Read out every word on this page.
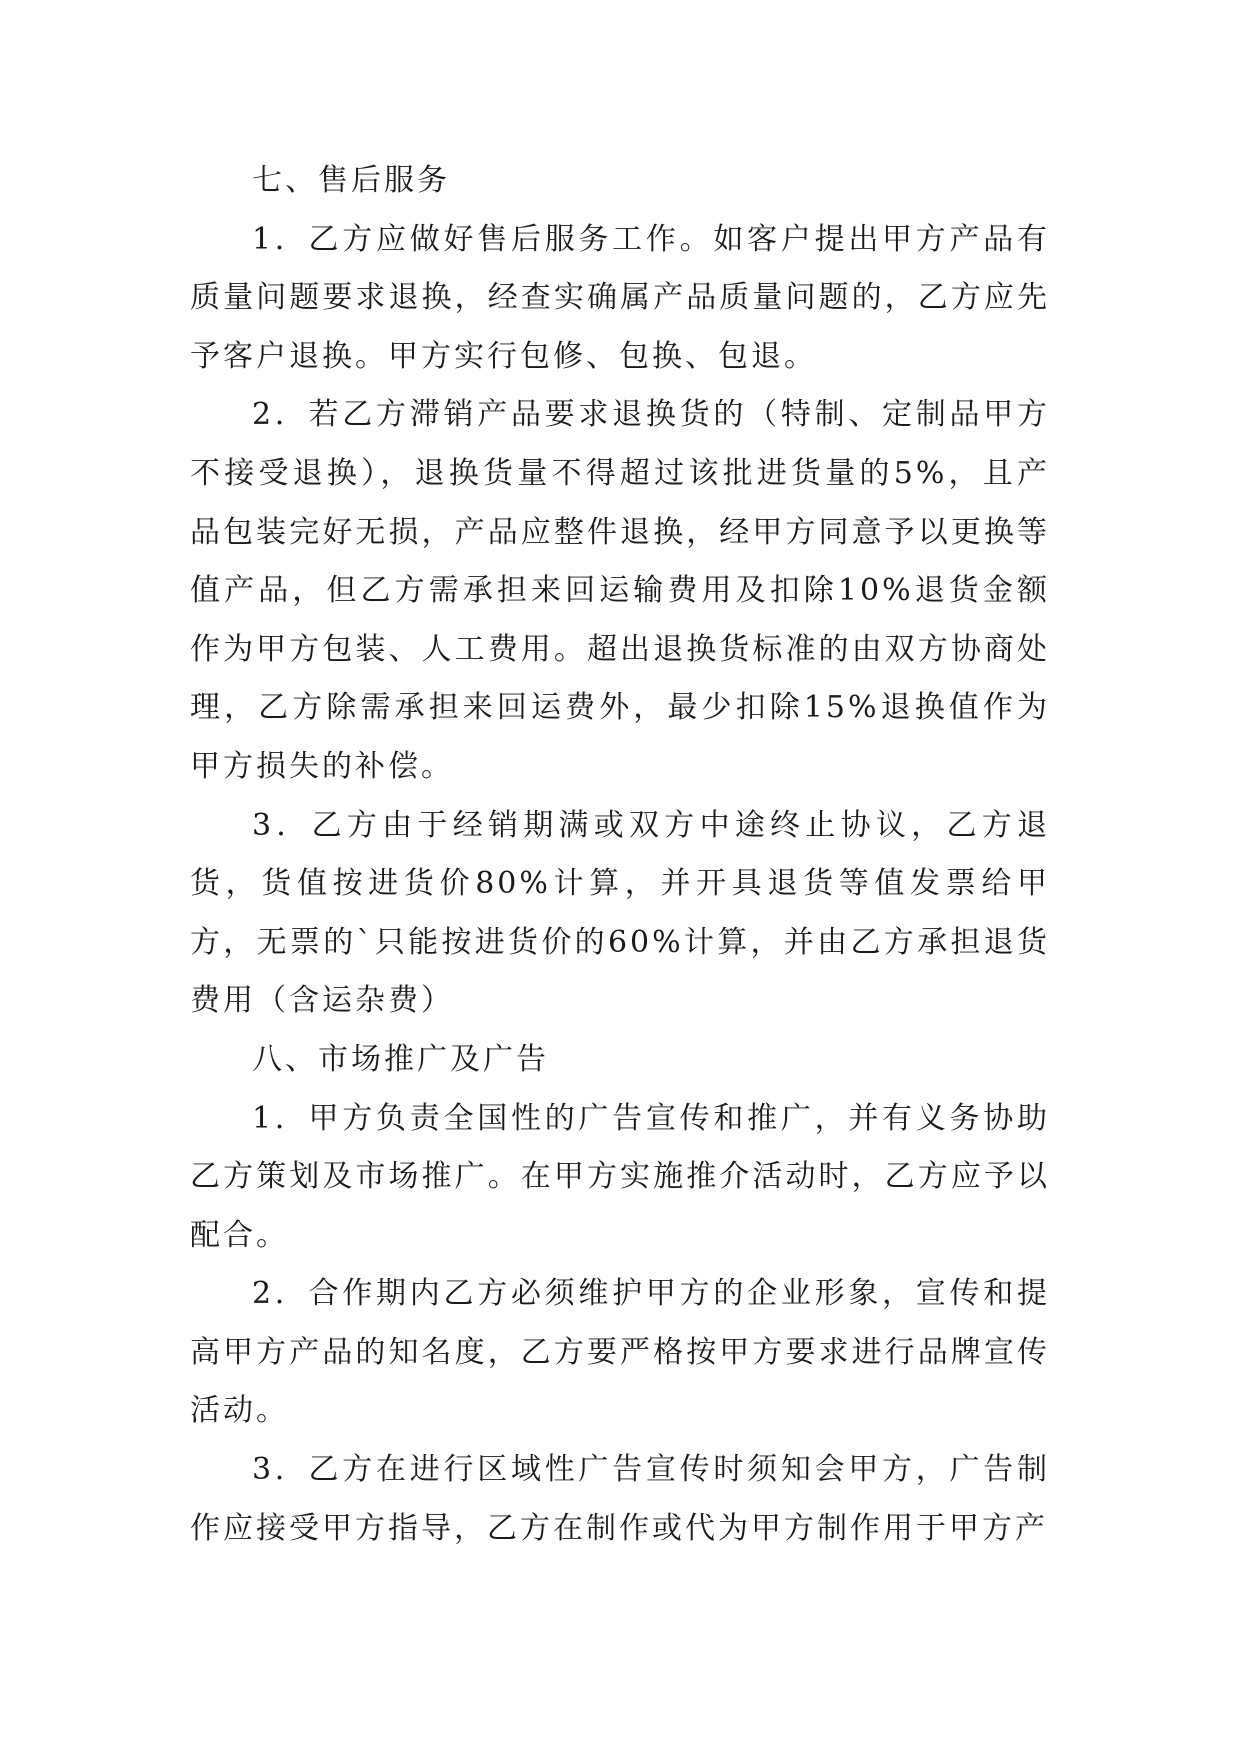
七、售后服务

1．乙方应做好售后服务工作。如客户提出甲方产品有质量问题要求退换，经查实确属产品质量问题的，乙方应先予客户退换。甲方实行包修、包换、包退。

2．若乙方滞销产品要求退换货的（特制、定制品甲方不接受退换），退换货量不得超过该批进货量的5%，且产品包装完好无损，产品应整件退换，经甲方同意予以更换等值产品，但乙方需承担来回运输费用及扣除10%退货金额作为甲方包装、人工费用。超出退换货标准的由双方协商处理，乙方除需承担来回运费外，最少扣除15%退换值作为甲方损失的补偿。

3．乙方由于经销期满或双方中途终止协议，乙方退货，货值按进货价80%计算，并开具退货等值发票给甲方，无票的`只能按进货价的60%计算，并由乙方承担退货费用（含运杂费）

八、市场推广及广告

1．甲方负责全国性的广告宣传和推广，并有义务协助乙方策划及市场推广。在甲方实施推介活动时，乙方应予以配合。

2．合作期内乙方必须维护甲方的企业形象，宣传和提高甲方产品的知名度，乙方要严格按甲方要求进行品牌宣传活动。

3．乙方在进行区域性广告宣传时须知会甲方，广告制作应接受甲方指导，乙方在制作或代为甲方制作用于甲方产
